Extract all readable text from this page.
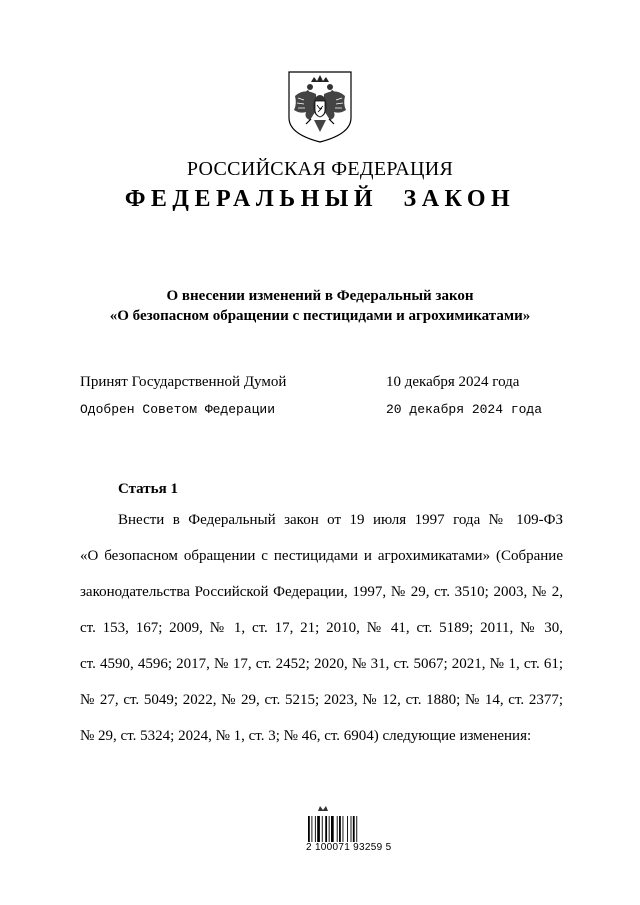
РОССИЙСКАЯ ФЕДЕРАЦИЯ
ФЕДЕРАЛЬНЫЙ ЗАКОН
О внесении изменений в Федеральный закон
«О безопасном обращении с пестицидами и агрохимикатами»
Принят Государственной Думой	10 декабря 2024 года
Одобрен Советом Федерации	20 декабря 2024 года
Статья 1
Внести в Федеральный закон от 19 июля 1997 года № 109-ФЗ
«О безопасном обращении с пестицидами и агрохимикатами» (Собрание
законодательства Российской Федерации, 1997, № 29, ст. 3510; 2003, № 2,
ст. 153, 167; 2009, № 1, ст. 17, 21; 2010, № 41, ст. 5189; 2011, № 30,
ст. 4590, 4596; 2017, № 17, ст. 2452; 2020, № 31, ст. 5067; 2021, № 1, ст. 61;
№ 27, ст. 5049; 2022, № 29, ст. 5215; 2023, № 12, ст. 1880; № 14, ст. 2377;
№ 29, ст. 5324; 2024, № 1, ст. 3; № 46, ст. 6904) следующие изменения:
2 100071 93259 5
